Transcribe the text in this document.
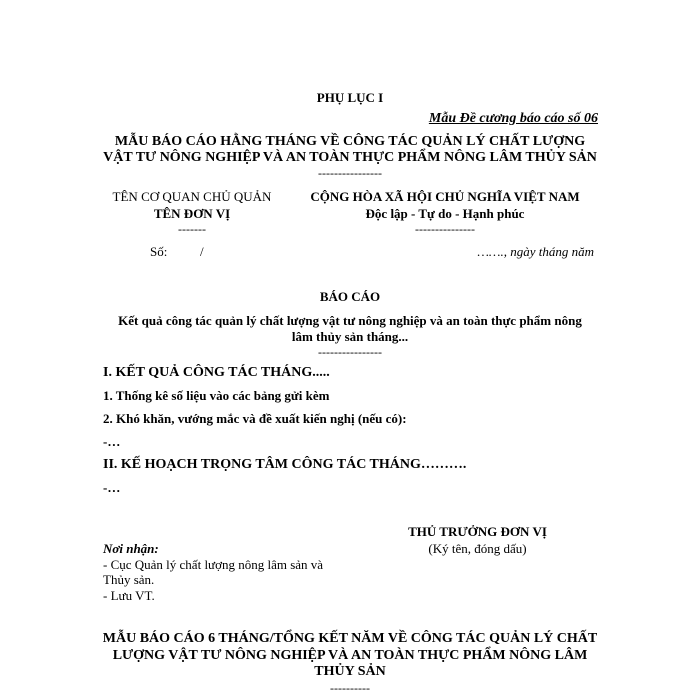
PHỤ LỤC I
Mẫu Đề cương báo cáo số 06
MẪU BÁO CÁO HẰNG THÁNG VỀ CÔNG TÁC QUẢN LÝ CHẤT LƯỢNG
VẬT TƯ NÔNG NGHIỆP VÀ AN TOÀN THỰC PHẨM NÔNG LÂM THỦY SẢN
----------------
TÊN CƠ QUAN CHỦ QUẢN
TÊN ĐƠN VỊ
-------
Số:	/
CỘNG HÒA XÃ HỘI CHỦ NGHĨA VIỆT NAM
Độc lập - Tự do - Hạnh phúc
---------------
……., ngày tháng năm
BÁO CÁO
Kết quả công tác quản lý chất lượng vật tư nông nghiệp và an toàn thực phẩm nông
lâm thủy sản tháng...
----------------
I. KẾT QUẢ CÔNG TÁC THÁNG.....
1. Thống kê số liệu vào các bảng gửi kèm
2. Khó khăn, vướng mắc và đề xuất kiến nghị (nếu có):
-…
II. KẾ HOẠCH TRỌNG TÂM CÔNG TÁC THÁNG……….
-…
THỦ TRƯỞNG ĐƠN VỊ
(Ký tên, đóng dấu)
Nơi nhận:
- Cục Quản lý chất lượng nông lâm sản và
Thủy sản.
- Lưu VT.
MẪU BÁO CÁO 6 THÁNG/TỔNG KẾT NĂM VỀ CÔNG TÁC QUẢN LÝ CHẤT
LƯỢNG VẬT TƯ NÔNG NGHIỆP VÀ AN TOÀN THỰC PHẨM NÔNG LÂM
THỦY SẢN
----------
